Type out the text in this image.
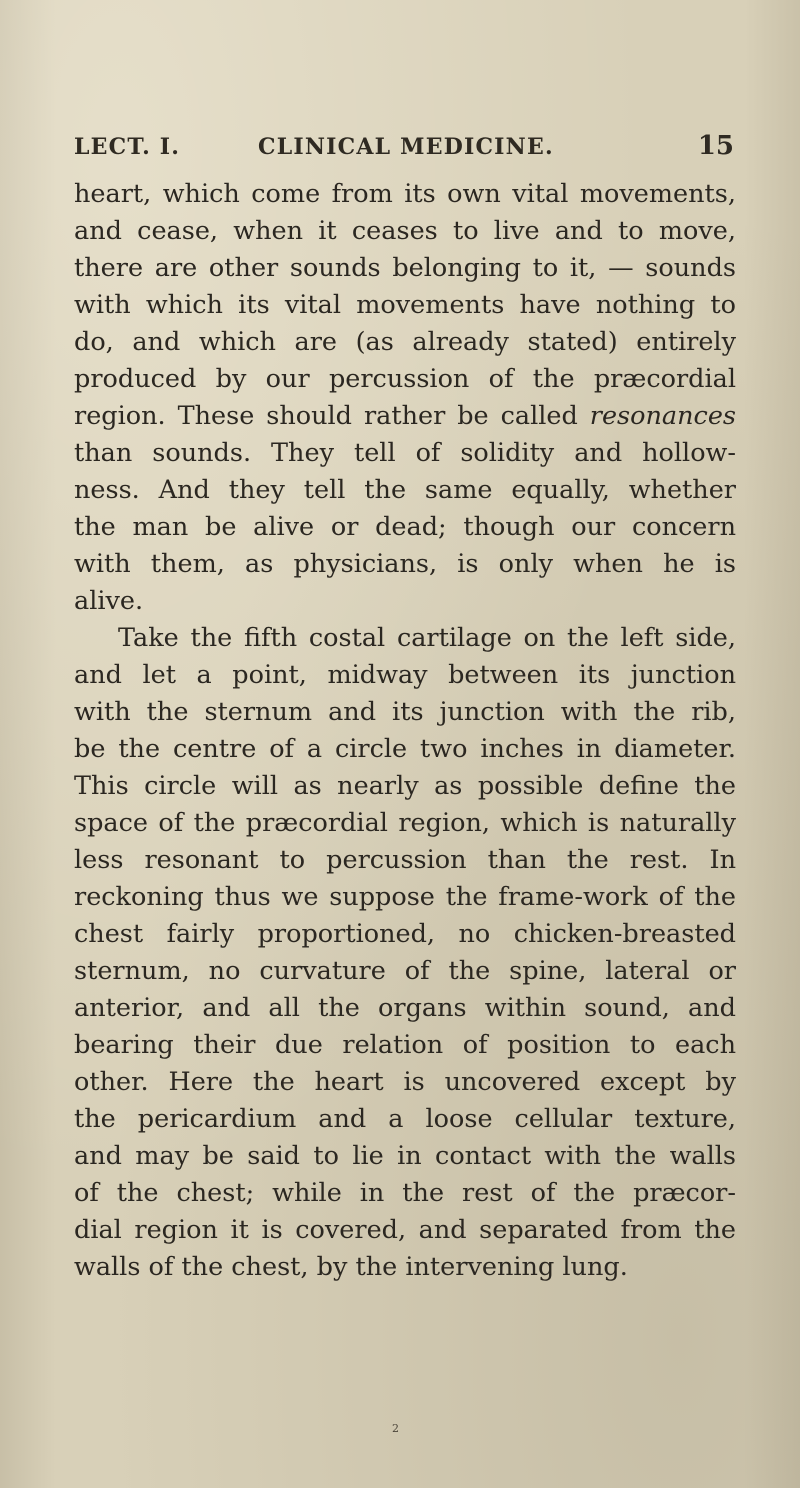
LECT. I.	CLINICAL MEDICINE.	15
heart, which come from its own vital movements,
and cease, when it ceases to live and to move,
there are other sounds belonging to it, — sounds
with which its vital movements have nothing to
do, and which are (as already stated) entirely
produced by our percussion of the præcordial
region. These should rather be called resonances
than sounds. They tell of solidity and hollow-
ness. And they tell the same equally, whether
the man be alive or dead; though our concern
with them, as physicians, is only when he is
alive.
Take the fifth costal cartilage on the left side,
and let a point, midway between its junction
with the sternum and its junction with the rib,
be the centre of a circle two inches in diameter.
This circle will as nearly as possible define the
space of the præcordial region, which is naturally
less resonant to percussion than the rest. In
reckoning thus we suppose the frame-work of the
chest fairly proportioned, no chicken-breasted
sternum, no curvature of the spine, lateral or
anterior, and all the organs within sound, and
bearing their due relation of position to each
other. Here the heart is uncovered except by
the pericardium and a loose cellular texture,
and may be said to lie in contact with the walls
of the chest; while in the rest of the præcor-
dial region it is covered, and separated from the
walls of the chest, by the intervening lung.
2
